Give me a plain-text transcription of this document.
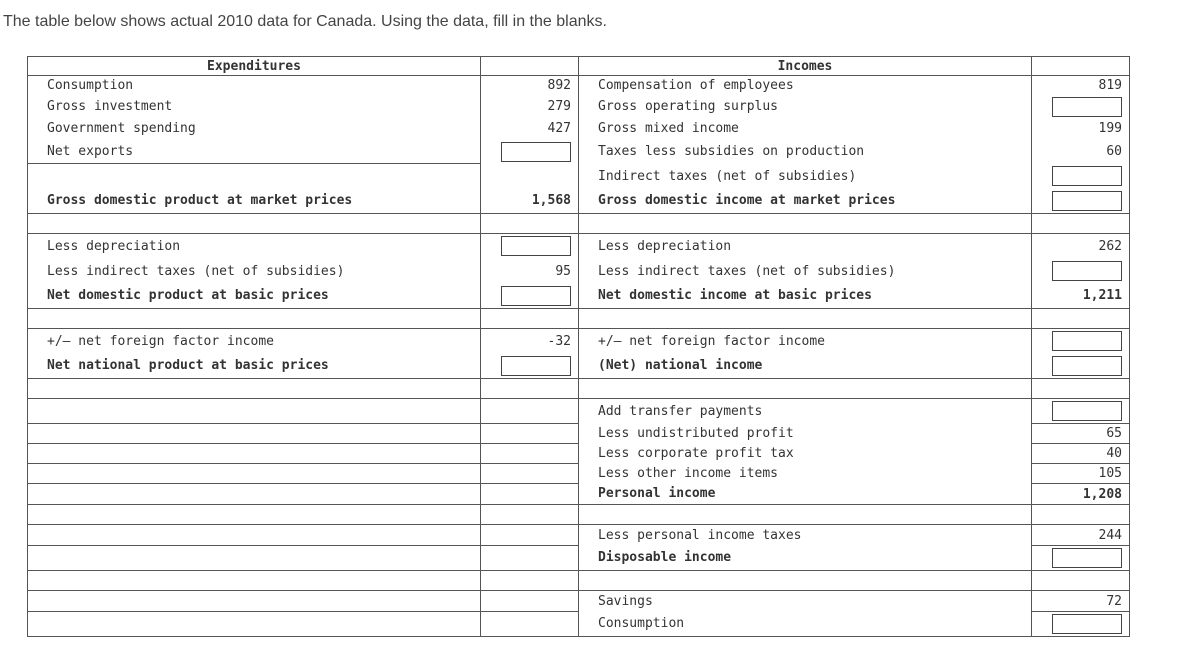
The table below shows actual 2010 data for Canada. Using the data, fill in the blanks.
Expenditures		Incomes	
Consumption	892	Compensation of employees	819
Gross investment	279	Gross operating surplus	
Government spending	427	Gross mixed income	199
Net exports		Taxes less subsidies on production	60
		Indirect taxes (net of subsidies)	
Gross domestic product at market prices	1,568	Gross domestic income at market prices	

Less depreciation		Less depreciation	262
Less indirect taxes (net of subsidies)	95	Less indirect taxes (net of subsidies)	
Net domestic product at basic prices		Net domestic income at basic prices	1,211

+/– net foreign factor income	-32	+/– net foreign factor income	
Net national product at basic prices		(Net) national income	

		Add transfer payments	
		Less undistributed profit	65
		Less corporate profit tax	40
		Less other income items	105
		Personal income	1,208

		Less personal income taxes	244
		Disposable income	

		Savings	72
		Consumption	
